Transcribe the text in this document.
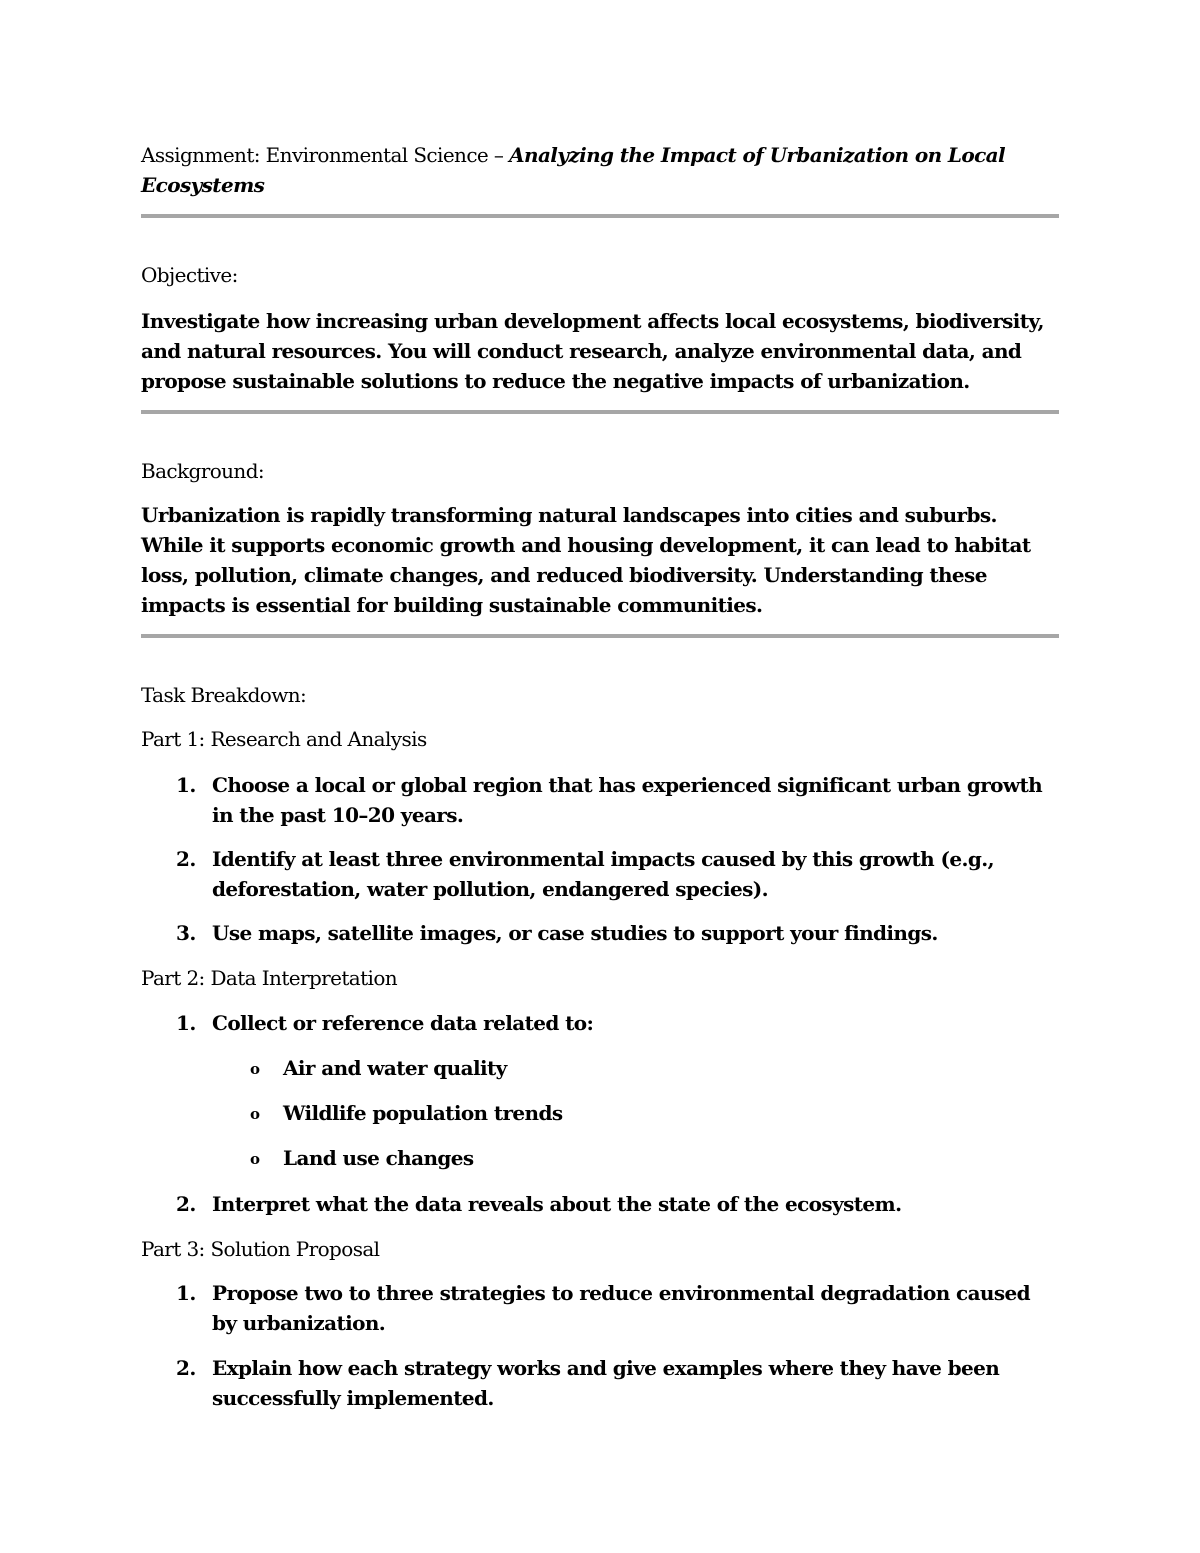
Assignment: Environmental Science – Analyzing the Impact of Urbanization on Local Ecosystems

Objective:

Investigate how increasing urban development affects local ecosystems, biodiversity, and natural resources. You will conduct research, analyze environmental data, and propose sustainable solutions to reduce the negative impacts of urbanization.

Background:

Urbanization is rapidly transforming natural landscapes into cities and suburbs. While it supports economic growth and housing development, it can lead to habitat loss, pollution, climate changes, and reduced biodiversity. Understanding these impacts is essential for building sustainable communities.

Task Breakdown:

Part 1: Research and Analysis

1. Choose a local or global region that has experienced significant urban growth in the past 10–20 years.
2. Identify at least three environmental impacts caused by this growth (e.g., deforestation, water pollution, endangered species).
3. Use maps, satellite images, or case studies to support your findings.

Part 2: Data Interpretation

1. Collect or reference data related to:
o Air and water quality
o Wildlife population trends
o Land use changes
2. Interpret what the data reveals about the state of the ecosystem.

Part 3: Solution Proposal

1. Propose two to three strategies to reduce environmental degradation caused by urbanization.
2. Explain how each strategy works and give examples where they have been successfully implemented.
